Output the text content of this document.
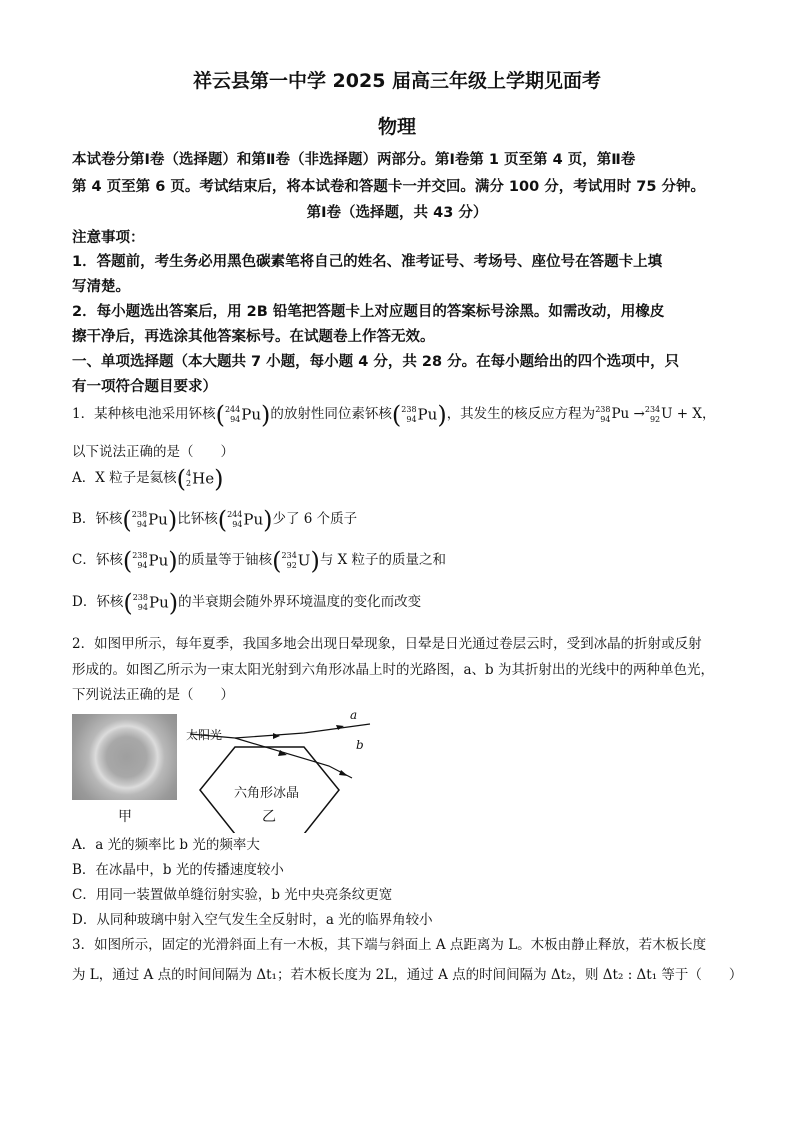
祥云县第一中学 2025 届高三年级上学期见面考
物理
本试卷分第Ⅰ卷（选择题）和第Ⅱ卷（非选择题）两部分。第Ⅰ卷第 1 页至第 4 页，第Ⅱ卷
第 4 页至第 6 页。考试结束后，将本试卷和答题卡一并交回。满分 100 分，考试用时 75 分钟。
第Ⅰ卷（选择题，共 43 分）
注意事项：
1．答题前，考生务必用黑色碳素笔将自己的姓名、准考证号、考场号、座位号在答题卡上填
写清楚。
2．每小题选出答案后，用 2B 铅笔把答题卡上对应题目的答案标号涂黑。如需改动，用橡皮
擦干净后，再选涂其他答案标号。在试题卷上作答无效。
一、单项选择题（本大题共 7 小题，每小题 4 分，共 28 分。在每小题给出的四个选项中，只
有一项符合题目要求）
1．某种核电池采用钚核( 244
94 Pu)的放射性同位素钚核( 238
94 Pu)，其发生的核反应方程为 238
94 Pu → 234
92 U + X，
以下说法正确的是（　　）
A．X 粒子是氦核( 4
2 He)
B．钚核( 238
94 Pu)比钚核( 244
94 Pu)少了 6 个质子
C．钚核( 238
94 Pu)的质量等于铀核( 234
92 U)与 X 粒子的质量之和
D．钚核( 238
94 Pu)的半衰期会随外界环境温度的变化而改变
2．如图甲所示，每年夏季，我国多地会出现日晕现象，日晕是日光通过卷层云时，受到冰晶的折射或反射
形成的。如图乙所示为一束太阳光射到六角形冰晶上时的光路图，a、b 为其折射出的光线中的两种单色光，
下列说法正确的是（　　）
太阳光
六角形冰晶
a
b
甲	乙
A．a 光的频率比 b 光的频率大
B．在冰晶中，b 光的传播速度较小
C．用同一装置做单缝衍射实验，b 光中央亮条纹更宽
D．从同种玻璃中射入空气发生全反射时，a 光的临界角较小
3．如图所示，固定的光滑斜面上有一木板，其下端与斜面上 A 点距离为 L。木板由静止释放，若木板长度
为 L，通过 A 点的时间间隔为 Δt₁；若木板长度为 2L，通过 A 点的时间间隔为 Δt₂，则 Δt₂ : Δt₁ 等于（　　）
